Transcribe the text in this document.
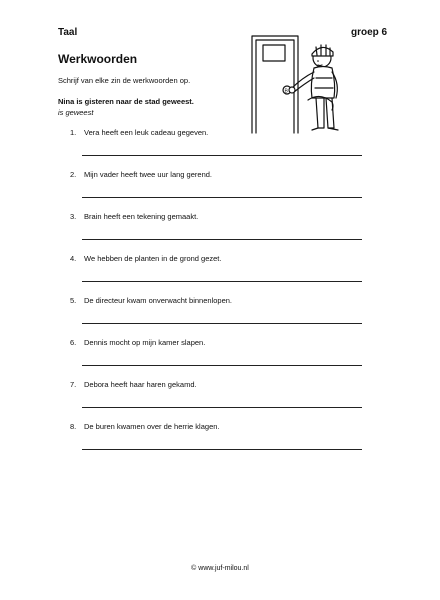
Taal	groep 6
Werkwoorden
Schrijf van elke zin de werkwoorden op.
Nina is gisteren naar de stad geweest.
is geweest
B
1. Vera heeft een leuk cadeau gegeven.
2. Mijn vader heeft twee uur lang gerend.
3. Brain heeft een tekening gemaakt.
4. We hebben de planten in de grond gezet.
5. De directeur kwam onverwacht binnenlopen.
6. Dennis mocht op mijn kamer slapen.
7. Debora heeft haar haren gekamd.
8. De buren kwamen over de herrie klagen.
© www.juf-milou.nl
